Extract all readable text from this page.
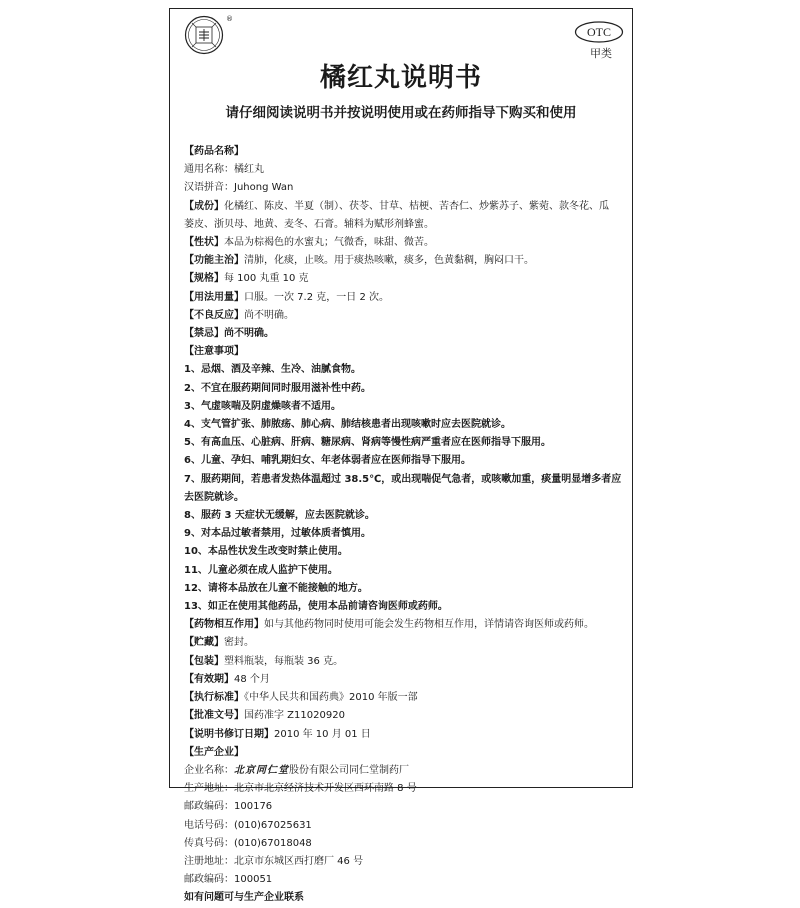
®
OTC
甲类
橘红丸说明书
请仔细阅读说明书并按说明使用或在药师指导下购买和使用
【药品名称】
通用名称：橘红丸
汉语拼音：Juhong Wan
【成份】化橘红、陈皮、半夏（制）、茯苓、甘草、桔梗、苦杏仁、炒紫苏子、紫菀、款冬花、瓜
蒌皮、浙贝母、地黄、麦冬、石膏。辅料为赋形剂蜂蜜。
【性状】本品为棕褐色的水蜜丸；气微香，味甜、微苦。
【功能主治】清肺，化痰，止咳。用于痰热咳嗽，痰多，色黄黏稠，胸闷口干。
【规格】每 100 丸重 10 克
【用法用量】口服。一次 7.2 克，一日 2 次。
【不良反应】尚不明确。
【禁忌】尚不明确。
【注意事项】
1、忌烟、酒及辛辣、生冷、油腻食物。
2、不宜在服药期间同时服用滋补性中药。
3、气虚咳喘及阴虚燥咳者不适用。
4、支气管扩张、肺脓疡、肺心病、肺结核患者出现咳嗽时应去医院就诊。
5、有高血压、心脏病、肝病、糖尿病、肾病等慢性病严重者应在医师指导下服用。
6、儿童、孕妇、哺乳期妇女、年老体弱者应在医师指导下服用。
7、服药期间，若患者发热体温超过 38.5℃，或出现喘促气急者，或咳嗽加重，痰量明显增多者应去医院就诊。
8、服药 3 天症状无缓解，应去医院就诊。
9、对本品过敏者禁用，过敏体质者慎用。
10、本品性状发生改变时禁止使用。
11、儿童必须在成人监护下使用。
12、请将本品放在儿童不能接触的地方。
13、如正在使用其他药品，使用本品前请咨询医师或药师。
【药物相互作用】如与其他药物同时使用可能会发生药物相互作用，详情请咨询医师或药师。
【贮藏】密封。
【包装】塑料瓶装，每瓶装 36 克。
【有效期】48 个月
【执行标准】《中华人民共和国药典》2010 年版一部
【批准文号】国药准字 Z11020920
【说明书修订日期】2010 年 10 月 01 日
【生产企业】
企业名称：北京同仁堂股份有限公司同仁堂制药厂
生产地址：北京市北京经济技术开发区西环南路 8 号
邮政编码：100176
电话号码：(010)67025631
传真号码：(010)67018048
注册地址：北京市东城区西打磨厂 46 号
邮政编码：100051
如有问题可与生产企业联系
